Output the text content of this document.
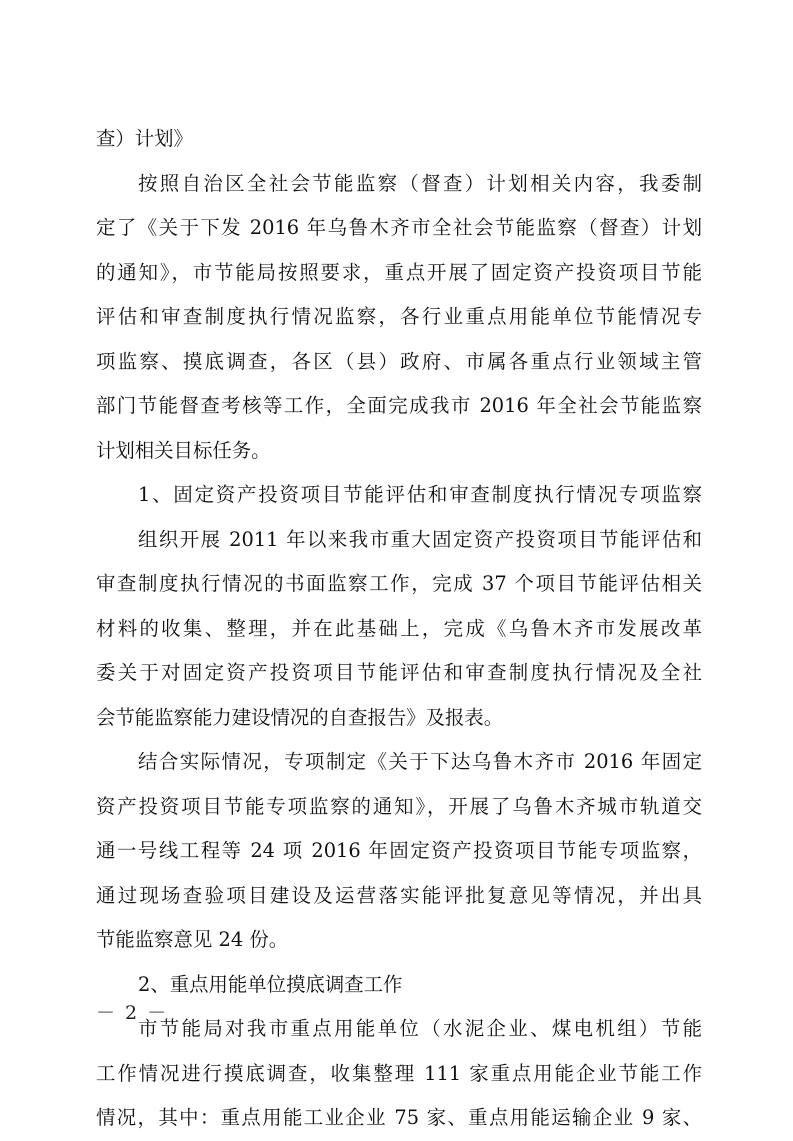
查）计划》
按照自治区全社会节能监察（督查）计划相关内容，我委制
定了《关于下发 2016 年乌鲁木齐市全社会节能监察（督查）计划
的通知》，市节能局按照要求，重点开展了固定资产投资项目节能
评估和审查制度执行情况监察，各行业重点用能单位节能情况专
项监察、摸底调查，各区（县）政府、市属各重点行业领域主管
部门节能督查考核等工作，全面完成我市 2016 年全社会节能监察
计划相关目标任务。
1、固定资产投资项目节能评估和审查制度执行情况专项监察
组织开展 2011 年以来我市重大固定资产投资项目节能评估和
审查制度执行情况的书面监察工作，完成 37 个项目节能评估相关
材料的收集、整理，并在此基础上，完成《乌鲁木齐市发展改革
委关于对固定资产投资项目节能评估和审查制度执行情况及全社
会节能监察能力建设情况的自查报告》及报表。
结合实际情况，专项制定《关于下达乌鲁木齐市 2016 年固定
资产投资项目节能专项监察的通知》，开展了乌鲁木齐城市轨道交
通一号线工程等 24 项 2016 年固定资产投资项目节能专项监察，
通过现场查验项目建设及运营落实能评批复意见等情况，并出具
节能监察意见 24 份。
2、重点用能单位摸底调查工作
市节能局对我市重点用能单位（水泥企业、煤电机组）节能
工作情况进行摸底调查，收集整理 111 家重点用能企业节能工作
情况，其中：重点用能工业企业 75 家、重点用能运输企业 9 家、
－ 2 －
